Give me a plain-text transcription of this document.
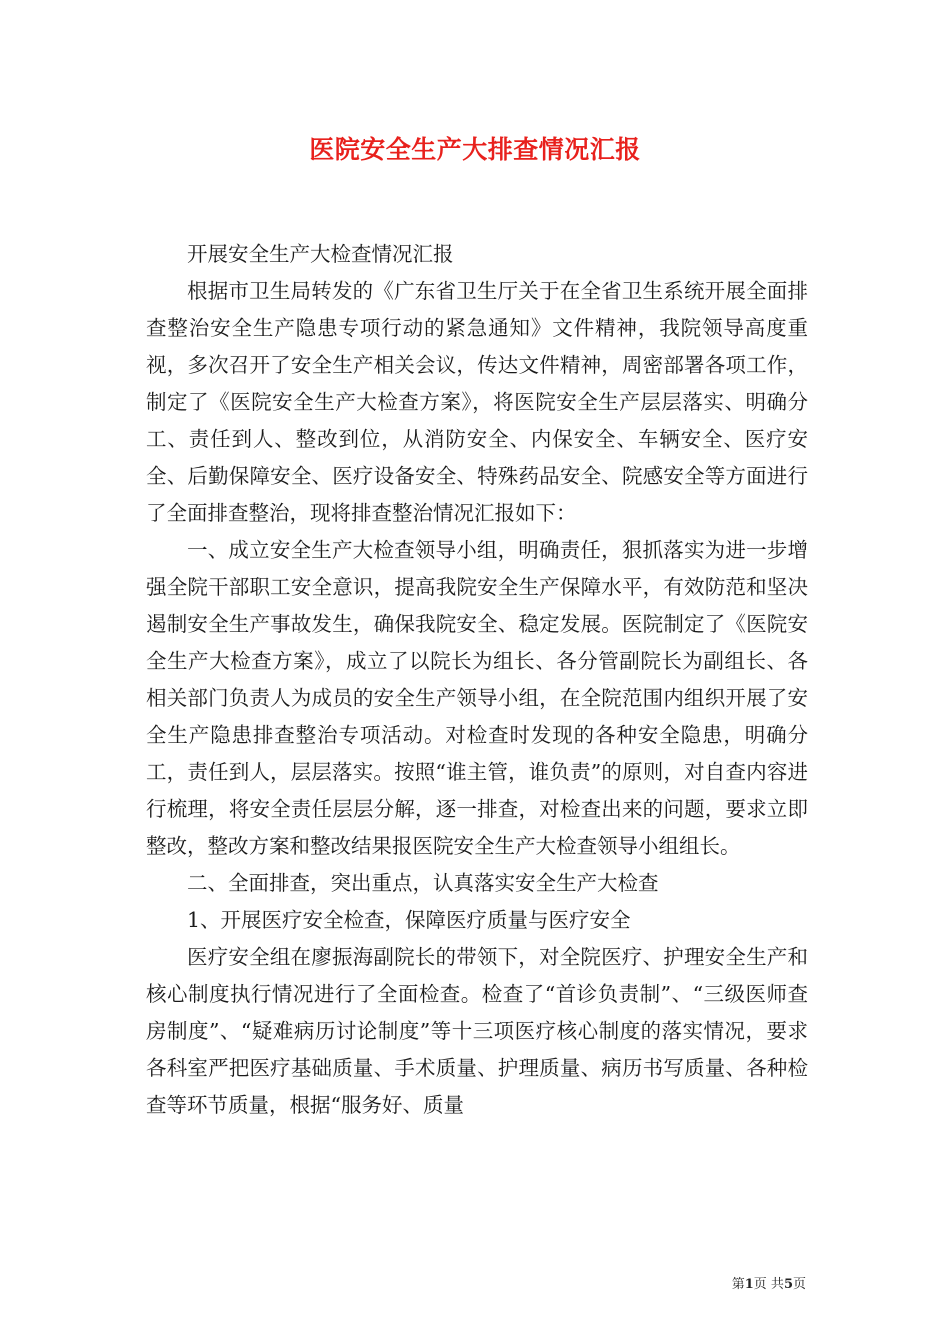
医院安全生产大排查情况汇报

开展安全生产大检查情况汇报

根据市卫生局转发的《广东省卫生厅关于在全省卫生系统开展全面排查整治安全生产隐患专项行动的紧急通知》文件精神，我院领导高度重视，多次召开了安全生产相关会议，传达文件精神，周密部署各项工作，制定了《医院安全生产大检查方案》，将医院安全生产层层落实、明确分工、责任到人、整改到位，从消防安全、内保安全、车辆安全、医疗安全、后勤保障安全、医疗设备安全、特殊药品安全、院感安全等方面进行了全面排查整治，现将排查整治情况汇报如下：

一、成立安全生产大检查领导小组，明确责任，狠抓落实为进一步增强全院干部职工安全意识，提高我院安全生产保障水平，有效防范和坚决遏制安全生产事故发生，确保我院安全、稳定发展。医院制定了《医院安全生产大检查方案》，成立了以院长为组长、各分管副院长为副组长、各相关部门负责人为成员的安全生产领导小组，在全院范围内组织开展了安全生产隐患排查整治专项活动。对检查时发现的各种安全隐患，明确分工，责任到人，层层落实。按照“谁主管，谁负责”的原则，对自查内容进行梳理，将安全责任层层分解，逐一排查，对检查出来的问题，要求立即整改，整改方案和整改结果报医院安全生产大检查领导小组组长。

二、全面排查，突出重点，认真落实安全生产大检查

1、开展医疗安全检查，保障医疗质量与医疗安全

医疗安全组在廖振海副院长的带领下，对全院医疗、护理安全生产和核心制度执行情况进行了全面检查。检查了“首诊负责制”、“三级医师查房制度”、“疑难病历讨论制度”等十三项医疗核心制度的落实情况，要求各科室严把医疗基础质量、手术质量、护理质量、病历书写质量、各种检查等环节质量，根据“服务好、质量

第1页 共5页
